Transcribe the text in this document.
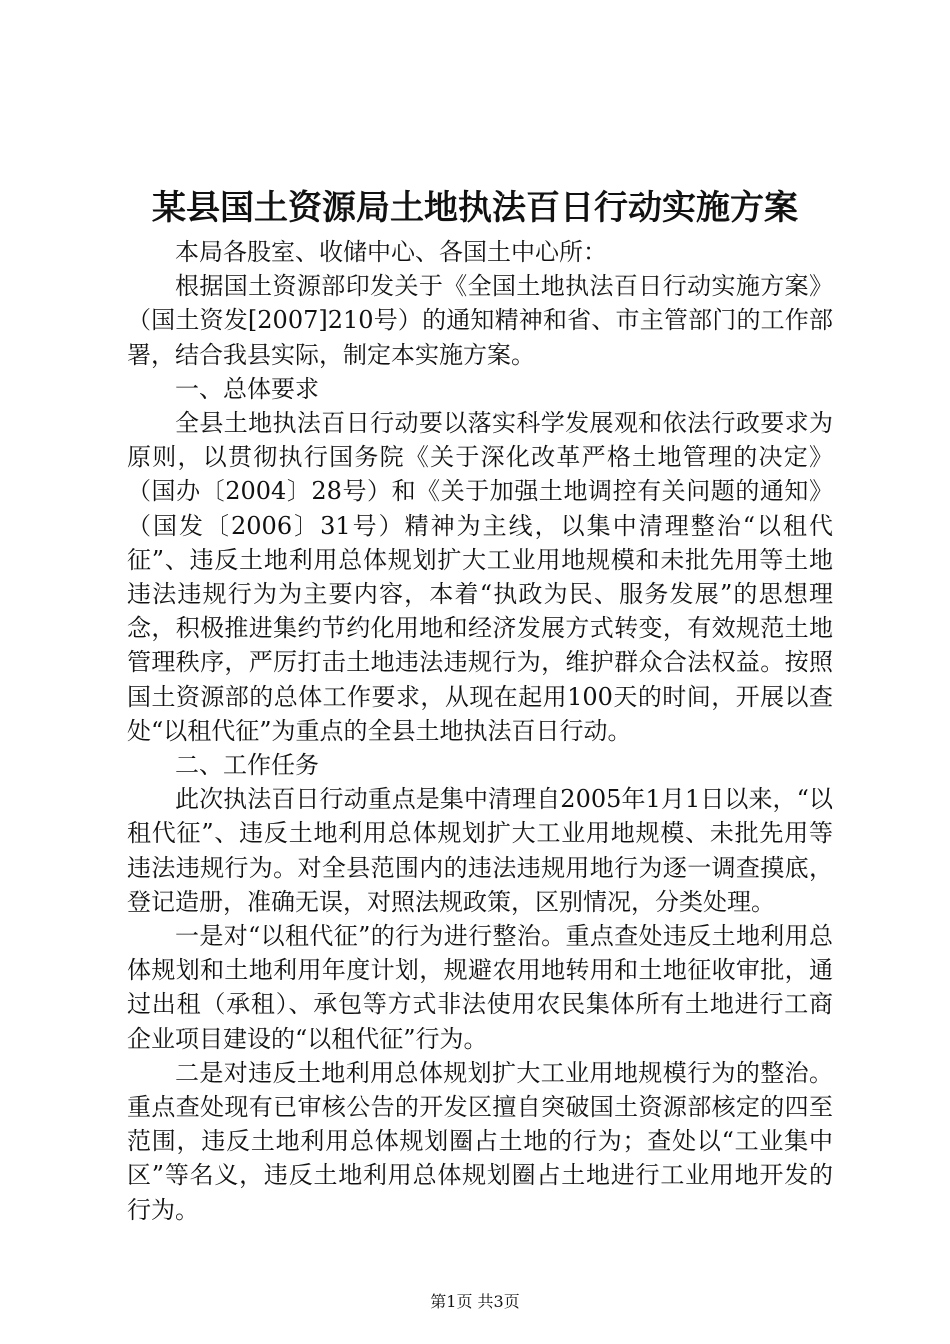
某县国土资源局土地执法百日行动实施方案

本局各股室、收储中心、各国土中心所：

根据国土资源部印发关于《全国土地执法百日行动实施方案》（国土资发[2007]210号）的通知精神和省、市主管部门的工作部署，结合我县实际，制定本实施方案。

一、总体要求

全县土地执法百日行动要以落实科学发展观和依法行政要求为原则，以贯彻执行国务院《关于深化改革严格土地管理的决定》（国办〔2004〕28号）和《关于加强土地调控有关问题的通知》（国发〔2006〕31号）精神为主线，以集中清理整治“以租代征”、违反土地利用总体规划扩大工业用地规模和未批先用等土地违法违规行为为主要内容，本着“执政为民、服务发展”的思想理念，积极推进集约节约化用地和经济发展方式转变，有效规范土地管理秩序，严厉打击土地违法违规行为，维护群众合法权益。按照国土资源部的总体工作要求，从现在起用100天的时间，开展以查处“以租代征”为重点的全县土地执法百日行动。

二、工作任务

此次执法百日行动重点是集中清理自2005年1月1日以来，“以租代征”、违反土地利用总体规划扩大工业用地规模、未批先用等违法违规行为。对全县范围内的违法违规用地行为逐一调查摸底，登记造册，准确无误，对照法规政策，区别情况，分类处理。

一是对“以租代征”的行为进行整治。重点查处违反土地利用总体规划和土地利用年度计划，规避农用地转用和土地征收审批，通过出租（承租）、承包等方式非法使用农民集体所有土地进行工商企业项目建设的“以租代征”行为。

二是对违反土地利用总体规划扩大工业用地规模行为的整治。重点查处现有已审核公告的开发区擅自突破国土资源部核定的四至范围，违反土地利用总体规划圈占土地的行为；查处以“工业集中区”等名义，违反土地利用总体规划圈占土地进行工业用地开发的行为。

第1页 共3页
